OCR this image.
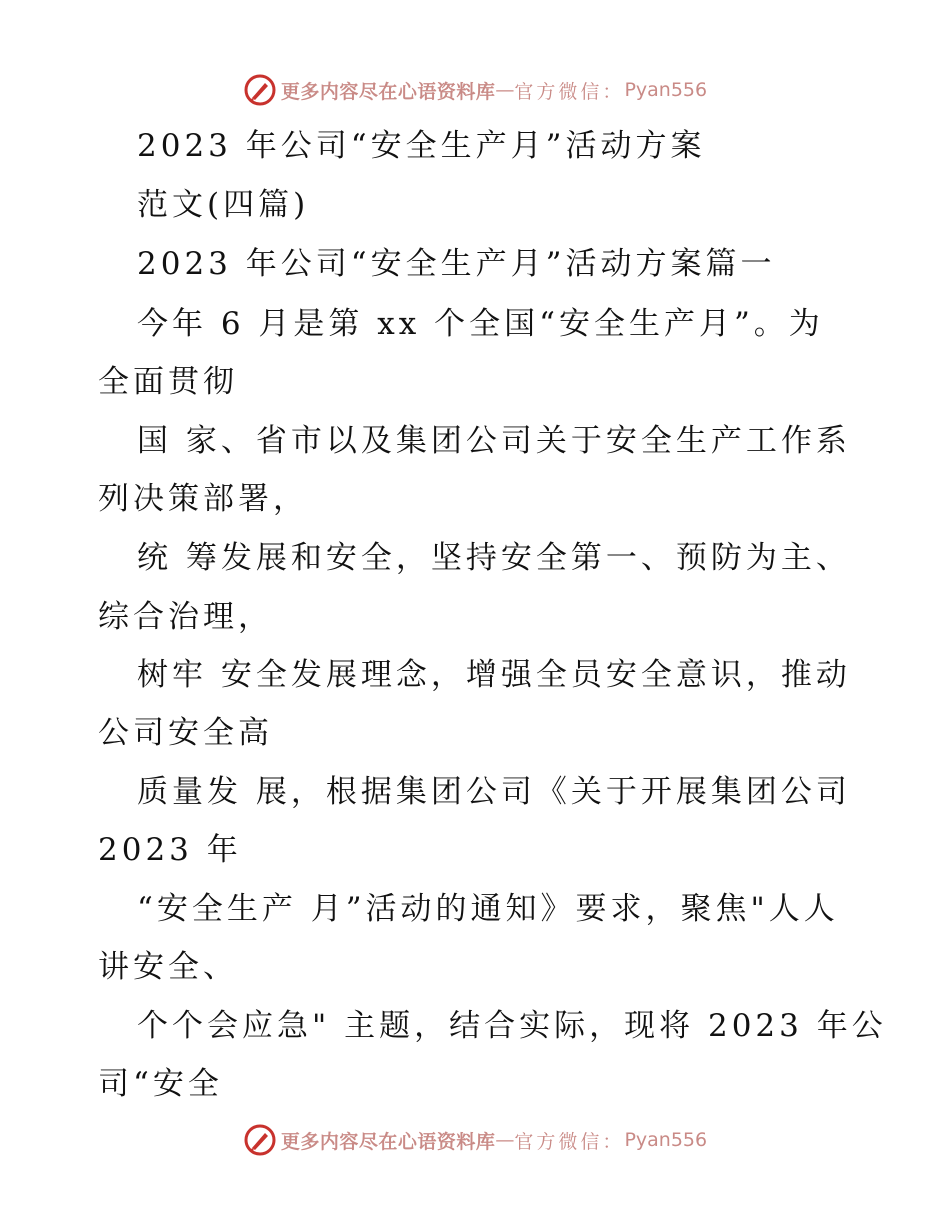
更多内容尽在心语资料库 — 官方微信： Pyan556
2023 年公司“安全生产月”活动方案
范文(四篇)
2023 年公司“安全生产月”活动方案篇一
今年 6 月是第 xx 个全国“安全生产月”。为
全面贯彻
国 家、省市以及集团公司关于安全生产工作系
列决策部署，
统 筹发展和安全，坚持安全第一、预防为主、
综合治理，
树牢 安全发展理念，增强全员安全意识，推动
公司安全高
质量发 展，根据集团公司《关于开展集团公司
2023 年
“安全生产 月”活动的通知》要求，聚焦"人人
讲安全、
个个会应急" 主题，结合实际，现将 2023 年公
司“安全
更多内容尽在心语资料库 — 官方微信： Pyan556
